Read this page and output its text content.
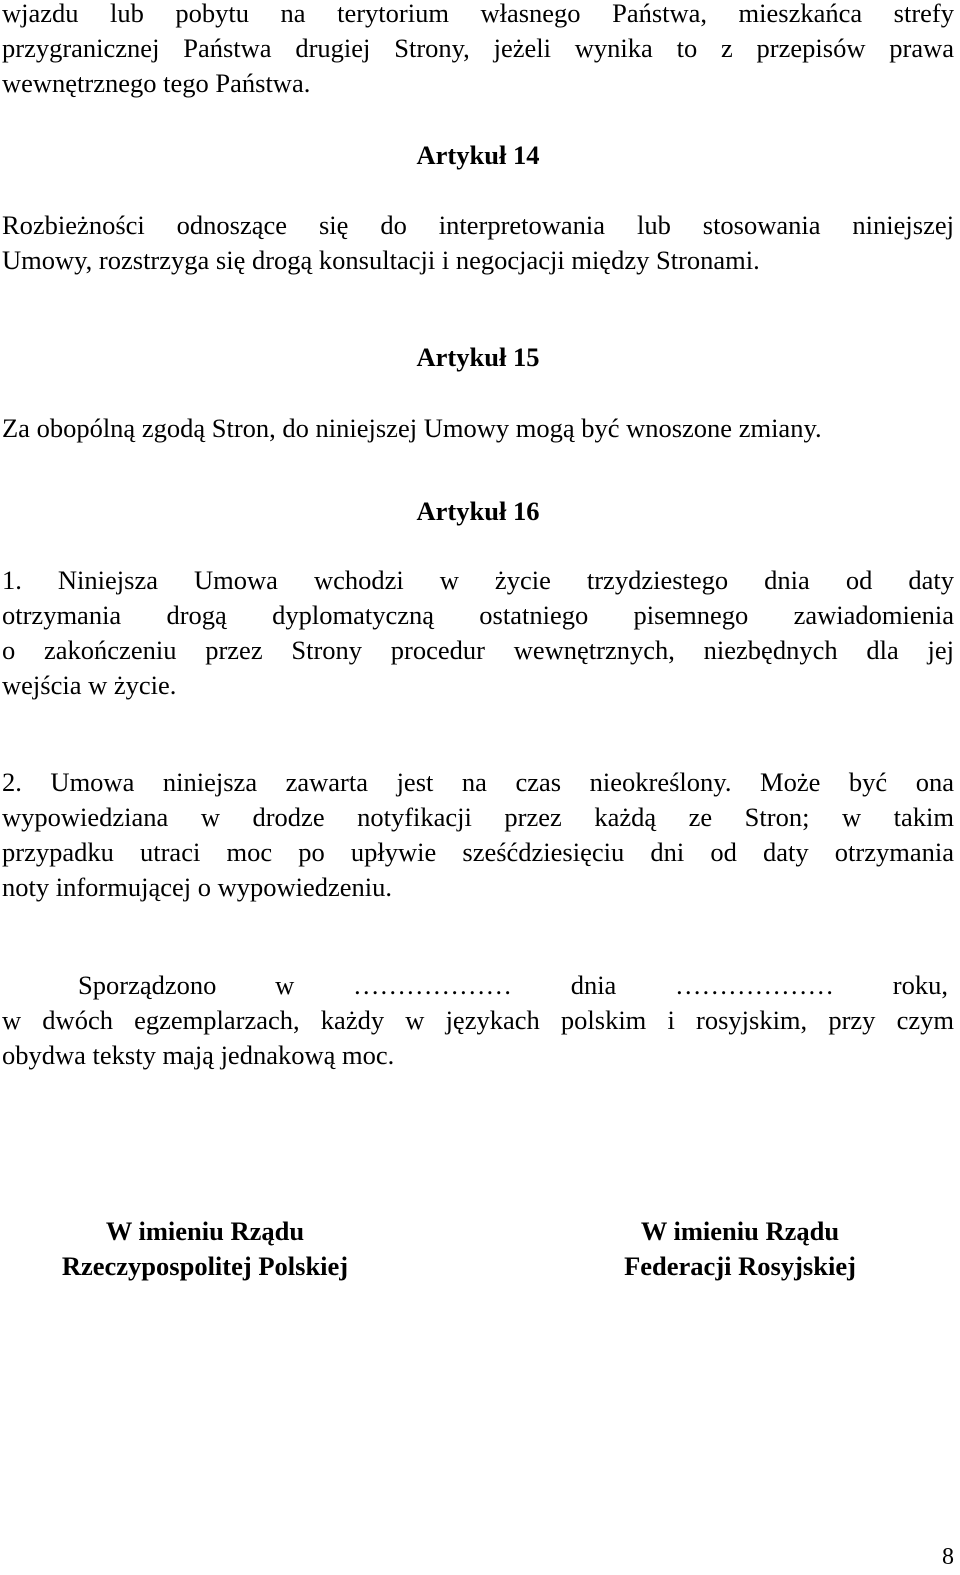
wjazdu lub pobytu na terytorium własnego Państwa, mieszkańca strefy
przygranicznej Państwa drugiej Strony, jeżeli wynika to z przepisów prawa
wewnętrznego tego Państwa.
Artykuł 14
Rozbieżności odnoszące się do interpretowania lub stosowania niniejszej
Umowy, rozstrzyga się drogą konsultacji i negocjacji między Stronami.
Artykuł 15
Za obopólną zgodą Stron, do niniejszej Umowy mogą być wnoszone zmiany.
Artykuł 16
1. Niniejsza Umowa wchodzi w życie trzydziestego dnia od daty
otrzymania drogą dyplomatyczną ostatniego pisemnego zawiadomienia
o zakończeniu przez Strony procedur wewnętrznych, niezbędnych dla jej
wejścia w życie.
2. Umowa niniejsza zawarta jest na czas nieokreślony. Może być ona
wypowiedziana w drodze notyfikacji przez każdą ze Stron; w takim
przypadku utraci moc po upływie sześćdziesięciu dni od daty otrzymania
noty informującej o wypowiedzeniu.
Sporządzono w ……………… dnia ……………… roku,
w dwóch egzemplarzach, każdy w językach polskim i rosyjskim, przy czym
obydwa teksty mają jednakową moc.
W imieniu Rządu
Rzeczypospolitej Polskiej
W imieniu Rządu
Federacji Rosyjskiej
8
